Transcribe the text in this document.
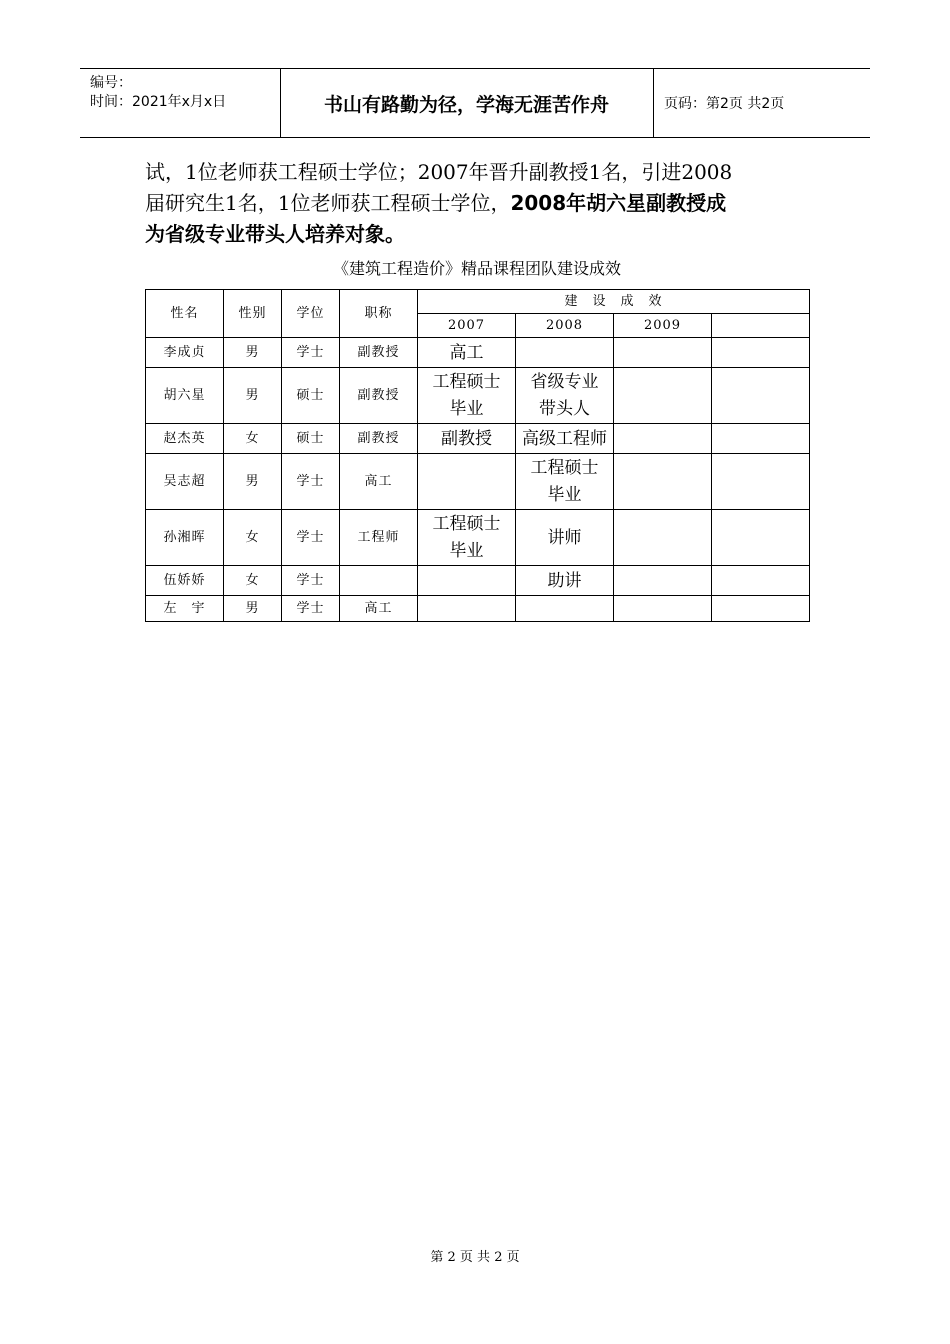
编号：
时间：2021年x月x日	书山有路勤为径，学海无涯苦作舟	页码：第2页 共2页
试，1位老师获工程硕士学位；2007年晋升副教授1名，引进2008
届研究生1名，1位老师获工程硕士学位，2008年胡六星副教授成
为省级专业带头人培养对象。
《建筑工程造价》精品课程团队建设成效
性名	性别	学位	职称	建　设　成　效			
				2007	2008	2009	
李成贞	男	学士	副教授	高工			
胡六星	男	硕士	副教授	工程硕士毕业	省级专业带头人		
赵杰英	女	硕士	副教授	副教授	高级工程师		
吴志超	男	学士	高工		工程硕士毕业		
孙湘晖	女	学士	工程师	工程硕士毕业	讲师		
伍娇娇	女	学士			助讲		
左　宇	男	学士	高工				
第 2 页 共 2 页
